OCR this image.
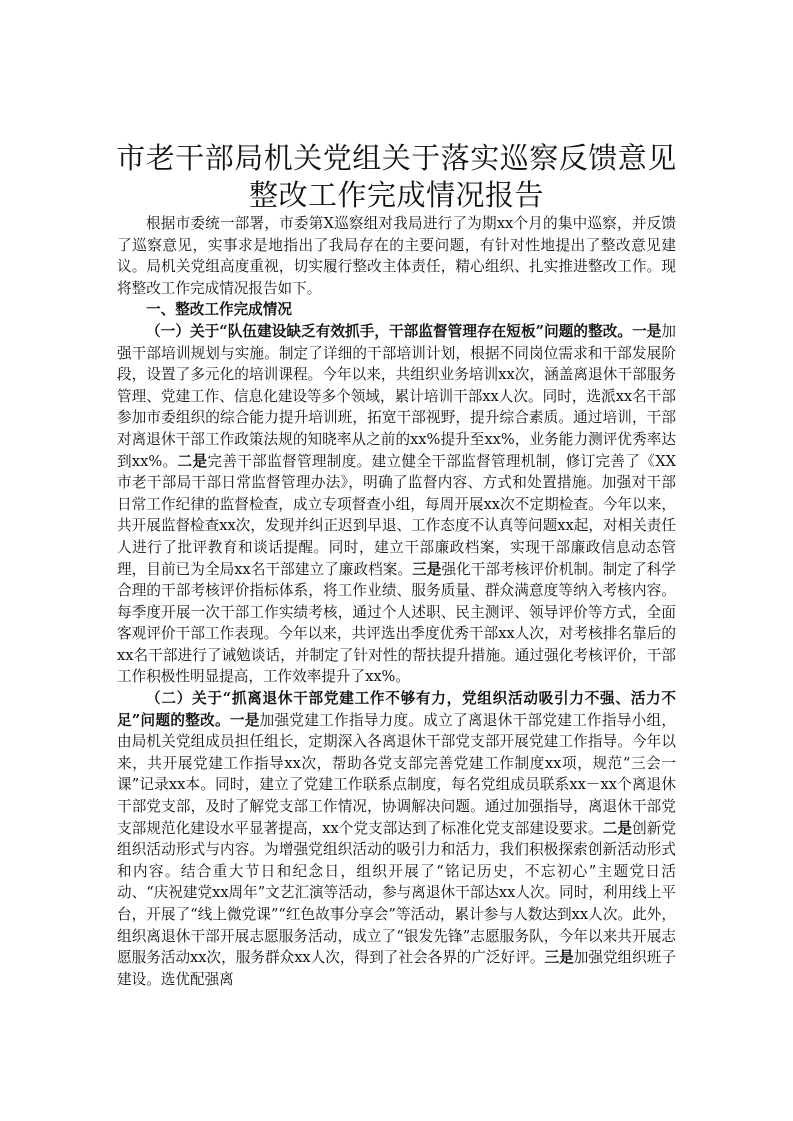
市老干部局机关党组关于落实巡察反馈意见整改工作完成情况报告

根据市委统一部署，市委第X巡察组对我局进行了为期xx个月的集中巡察，并反馈了巡察意见，实事求是地指出了我局存在的主要问题，有针对性地提出了整改意见建议。局机关党组高度重视，切实履行整改主体责任，精心组织、扎实推进整改工作。现将整改工作完成情况报告如下。

一、整改工作完成情况

（一）关于“队伍建设缺乏有效抓手，干部监督管理存在短板”问题的整改。一是加强干部培训规划与实施。制定了详细的干部培训计划，根据不同岗位需求和干部发展阶段，设置了多元化的培训课程。今年以来，共组织业务培训xx次，涵盖离退休干部服务管理、党建工作、信息化建设等多个领域，累计培训干部xx人次。同时，选派xx名干部参加市委组织的综合能力提升培训班，拓宽干部视野，提升综合素质。通过培训，干部对离退休干部工作政策法规的知晓率从之前的xx%提升至xx%，业务能力测评优秀率达到xx%。二是完善干部监督管理制度。建立健全干部监督管理机制，修订完善了《XX市老干部局干部日常监督管理办法》，明确了监督内容、方式和处置措施。加强对干部日常工作纪律的监督检查，成立专项督查小组，每周开展xx次不定期检查。今年以来，共开展监督检查xx次，发现并纠正迟到早退、工作态度不认真等问题xx起，对相关责任人进行了批评教育和谈话提醒。同时，建立干部廉政档案，实现干部廉政信息动态管理，目前已为全局xx名干部建立了廉政档案。三是强化干部考核评价机制。制定了科学合理的干部考核评价指标体系，将工作业绩、服务质量、群众满意度等纳入考核内容。每季度开展一次干部工作实绩考核，通过个人述职、民主测评、领导评价等方式，全面客观评价干部工作表现。今年以来，共评选出季度优秀干部xx人次，对考核排名靠后的xx名干部进行了诫勉谈话，并制定了针对性的帮扶提升措施。通过强化考核评价，干部工作积极性明显提高，工作效率提升了xx%。

（二）关于“抓离退休干部党建工作不够有力，党组织活动吸引力不强、活力不足”问题的整改。一是加强党建工作指导力度。成立了离退休干部党建工作指导小组，由局机关党组成员担任组长，定期深入各离退休干部党支部开展党建工作指导。今年以来，共开展党建工作指导xx次，帮助各党支部完善党建工作制度xx项，规范“三会一课”记录xx本。同时，建立了党建工作联系点制度，每名党组成员联系xx－xx个离退休干部党支部，及时了解党支部工作情况，协调解决问题。通过加强指导，离退休干部党支部规范化建设水平显著提高，xx个党支部达到了标准化党支部建设要求。二是创新党组织活动形式与内容。为增强党组织活动的吸引力和活力，我们积极探索创新活动形式和内容。结合重大节日和纪念日，组织开展了“铭记历史，不忘初心”主题党日活动、“庆祝建党xx周年”文艺汇演等活动，参与离退休干部达xx人次。同时，利用线上平台，开展了“线上微党课”“红色故事分享会”等活动，累计参与人数达到xx人次。此外，组织离退休干部开展志愿服务活动，成立了“银发先锋”志愿服务队，今年以来共开展志愿服务活动xx次，服务群众xx人次，得到了社会各界的广泛好评。三是加强党组织班子建设。选优配强离
